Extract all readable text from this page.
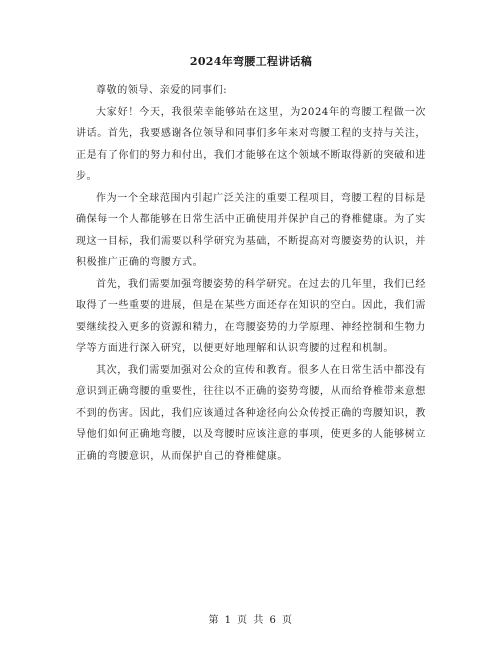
2024年弯腰工程讲话稿

尊敬的领导、亲爱的同事们:

大家好！今天，我很荣幸能够站在这里，为2024年的弯腰工程做一次讲话。首先，我要感谢各位领导和同事们多年来对弯腰工程的支持与关注，正是有了你们的努力和付出，我们才能够在这个领域不断取得新的突破和进步。

作为一个全球范围内引起广泛关注的重要工程项目，弯腰工程的目标是确保每一个人都能够在日常生活中正确使用并保护自己的脊椎健康。为了实现这一目标，我们需要以科学研究为基础，不断提高对弯腰姿势的认识，并积极推广正确的弯腰方式。

首先，我们需要加强弯腰姿势的科学研究。在过去的几年里，我们已经取得了一些重要的进展，但是在某些方面还存在知识的空白。因此，我们需要继续投入更多的资源和精力，在弯腰姿势的力学原理、神经控制和生物力学等方面进行深入研究，以便更好地理解和认识弯腰的过程和机制。

其次，我们需要加强对公众的宣传和教育。很多人在日常生活中都没有意识到正确弯腰的重要性，往往以不正确的姿势弯腰，从而给脊椎带来意想不到的伤害。因此，我们应该通过各种途径向公众传授正确的弯腰知识，教导他们如何正确地弯腰，以及弯腰时应该注意的事项，使更多的人能够树立正确的弯腰意识，从而保护自己的脊椎健康。

第 1 页 共 6 页
